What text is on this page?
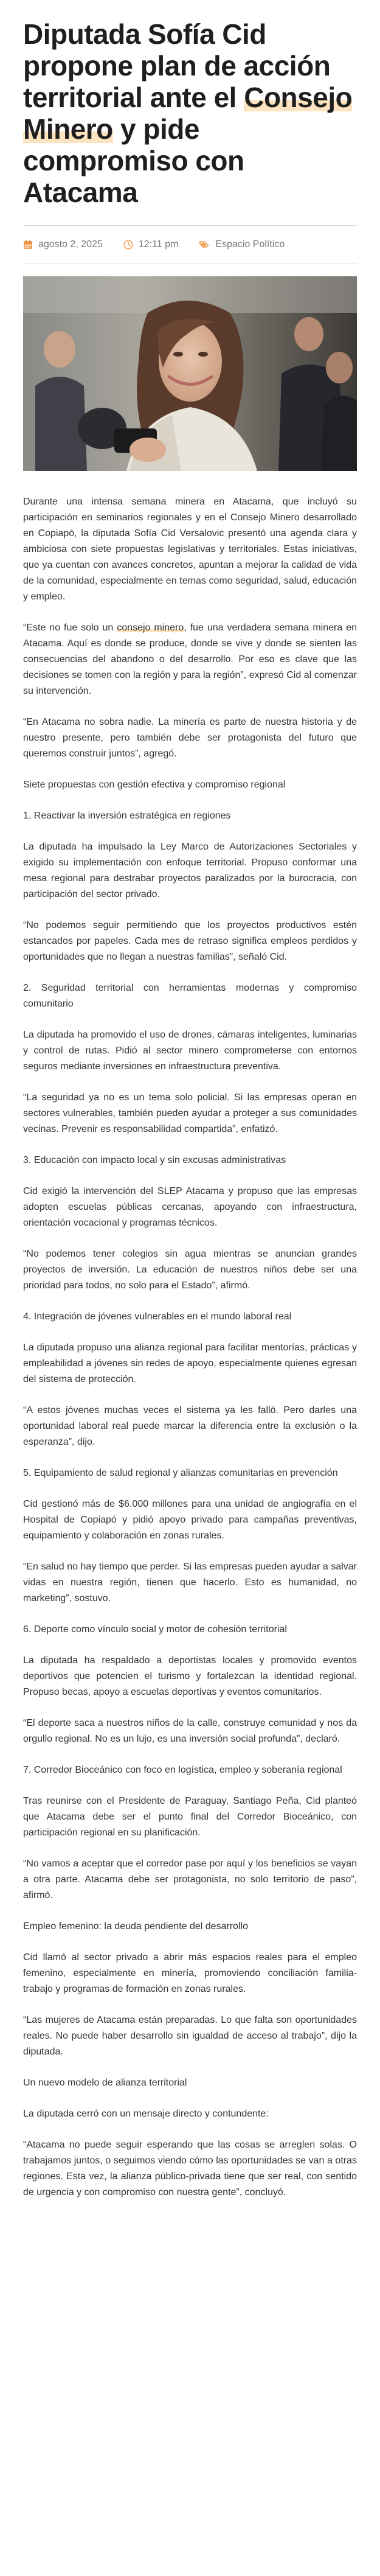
Diputada Sofía Cid propone plan de acción territorial ante el Consejo Minero y pide compromiso con Atacama
agosto 2, 2025	12:11 pm	Espacio Político

Durante una intensa semana minera en Atacama, que incluyó su participación en seminarios regionales y en el Consejo Minero desarrollado en Copiapó, la diputada Sofía Cid Versalovic presentó una agenda clara y ambiciosa con siete propuestas legislativas y territoriales. Estas iniciativas, que ya cuentan con avances concretos, apuntan a mejorar la calidad de vida de la comunidad, especialmente en temas como seguridad, salud, educación y empleo.

“Este no fue solo un consejo minero, fue una verdadera semana minera en Atacama. Aquí es donde se produce, donde se vive y donde se sienten las consecuencias del abandono o del desarrollo. Por eso es clave que las decisiones se tomen con la región y para la región”, expresó Cid al comenzar su intervención.

“En Atacama no sobra nadie. La minería es parte de nuestra historia y de nuestro presente, pero también debe ser protagonista del futuro que queremos construir juntos”, agregó.

Siete propuestas con gestión efectiva y compromiso regional

1. Reactivar la inversión estratégica en regiones

La diputada ha impulsado la Ley Marco de Autorizaciones Sectoriales y exigido su implementación con enfoque territorial. Propuso conformar una mesa regional para destrabar proyectos paralizados por la burocracia, con participación del sector privado.

“No podemos seguir permitiendo que los proyectos productivos estén estancados por papeles. Cada mes de retraso significa empleos perdidos y oportunidades que no llegan a nuestras familias”, señaló Cid.

2. Seguridad territorial con herramientas modernas y compromiso comunitario

La diputada ha promovido el uso de drones, cámaras inteligentes, luminarias y control de rutas. Pidió al sector minero comprometerse con entornos seguros mediante inversiones en infraestructura preventiva.

“La seguridad ya no es un tema solo policial. Si las empresas operan en sectores vulnerables, también pueden ayudar a proteger a sus comunidades vecinas. Prevenir es responsabilidad compartida”, enfatizó.

3. Educación con impacto local y sin excusas administrativas

Cid exigió la intervención del SLEP Atacama y propuso que las empresas adopten escuelas públicas cercanas, apoyando con infraestructura, orientación vocacional y programas técnicos.

“No podemos tener colegios sin agua mientras se anuncian grandes proyectos de inversión. La educación de nuestros niños debe ser una prioridad para todos, no solo para el Estado”, afirmó.

4. Integración de jóvenes vulnerables en el mundo laboral real

La diputada propuso una alianza regional para facilitar mentorías, prácticas y empleabilidad a jóvenes sin redes de apoyo, especialmente quienes egresan del sistema de protección.

“A estos jóvenes muchas veces el sistema ya les falló. Pero darles una oportunidad laboral real puede marcar la diferencia entre la exclusión o la esperanza”, dijo.

5. Equipamiento de salud regional y alianzas comunitarias en prevención

Cid gestionó más de $6.000 millones para una unidad de angiografía en el Hospital de Copiapó y pidió apoyo privado para campañas preventivas, equipamiento y colaboración en zonas rurales.

“En salud no hay tiempo que perder. Si las empresas pueden ayudar a salvar vidas en nuestra región, tienen que hacerlo. Esto es humanidad, no marketing”, sostuvo.

6. Deporte como vínculo social y motor de cohesión territorial

La diputada ha respaldado a deportistas locales y promovido eventos deportivos que potencien el turismo y fortalezcan la identidad regional. Propuso becas, apoyo a escuelas deportivas y eventos comunitarios.

“El deporte saca a nuestros niños de la calle, construye comunidad y nos da orgullo regional. No es un lujo, es una inversión social profunda”, declaró.

7. Corredor Bioceánico con foco en logística, empleo y soberanía regional

Tras reunirse con el Presidente de Paraguay, Santiago Peña, Cid planteó que Atacama debe ser el punto final del Corredor Bioceánico, con participación regional en su planificación.

“No vamos a aceptar que el corredor pase por aquí y los beneficios se vayan a otra parte. Atacama debe ser protagonista, no solo territorio de paso”, afirmó.

Empleo femenino: la deuda pendiente del desarrollo

Cid llamó al sector privado a abrir más espacios reales para el empleo femenino, especialmente en minería, promoviendo conciliación familia-trabajo y programas de formación en zonas rurales.

“Las mujeres de Atacama están preparadas. Lo que falta son oportunidades reales. No puede haber desarrollo sin igualdad de acceso al trabajo”, dijo la diputada.

Un nuevo modelo de alianza territorial

La diputada cerró con un mensaje directo y contundente:

“Atacama no puede seguir esperando que las cosas se arreglen solas. O trabajamos juntos, o seguimos viendo cómo las oportunidades se van a otras regiones. Esta vez, la alianza público-privada tiene que ser real, con sentido de urgencia y con compromiso con nuestra gente”, concluyó.
